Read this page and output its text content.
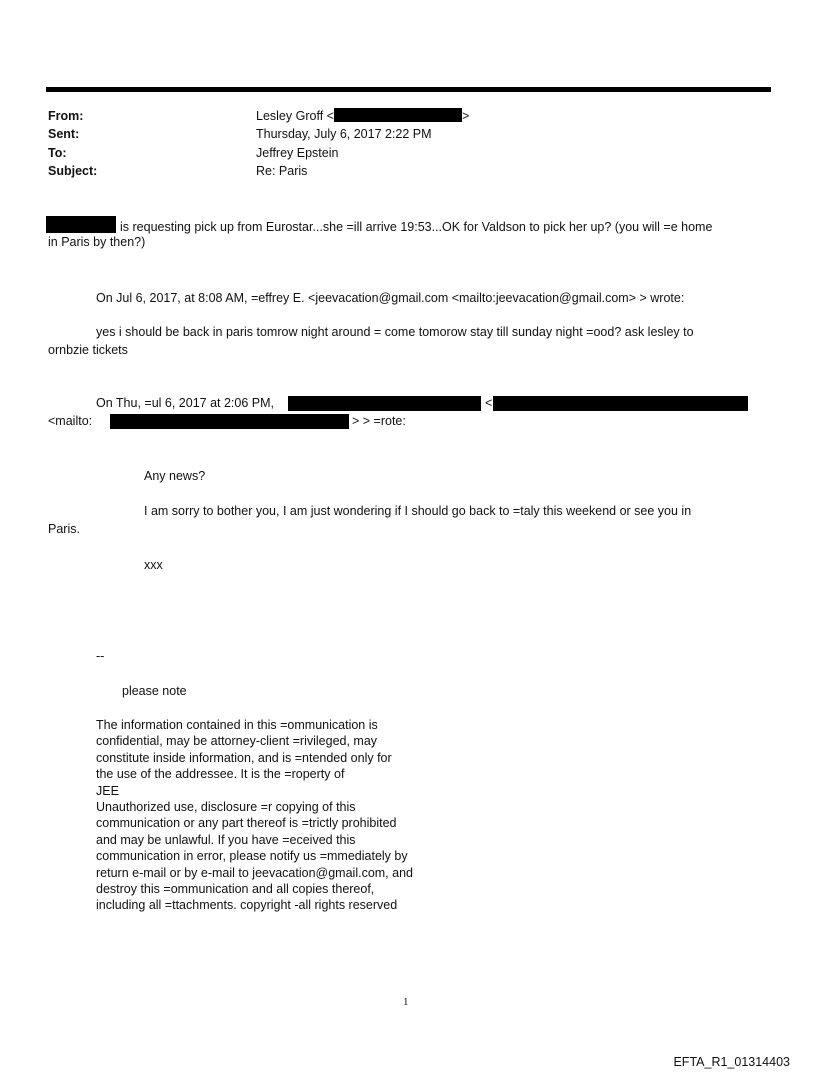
From:	Lesley Groff <	>
Sent:	Thursday, July 6, 2017 2:22 PM
To:	Jeffrey Epstein
Subject:	Re: Paris
is requesting pick up from Eurostar...she =ill arrive 19:53...OK for Valdson to pick her up? (you will =e home
in Paris by then?)
On Jul 6, 2017, at 8:08 AM, =effrey E. <jeevacation@gmail.com <mailto:jeevacation@gmail.com> > wrote:
yes i should be back in paris tomrow night around = come tomorow stay till sunday night =ood? ask lesley to
ornbzie tickets
On Thu, =ul 6, 2017 at 2:06 PM,	<
<mailto:	> > =rote:
Any news?
I am sorry to bother you, I am just wondering if I should go back to =taly this weekend or see you in
Paris.
xxx
--
please note
The information contained in this =ommunication is
confidential, may be attorney-client =rivileged, may
constitute inside information, and is =ntended only for
the use of the addressee. It is the =roperty of
JEE
Unauthorized use, disclosure =r copying of this
communication or any part thereof is =trictly prohibited
and may be unlawful. If you have =eceived this
communication in error, please notify us =mmediately by
return e-mail or by e-mail to jeevacation@gmail.com, and
destroy this =ommunication and all copies thereof,
including all =ttachments. copyright -all rights reserved
1
EFTA_R1_01314403
